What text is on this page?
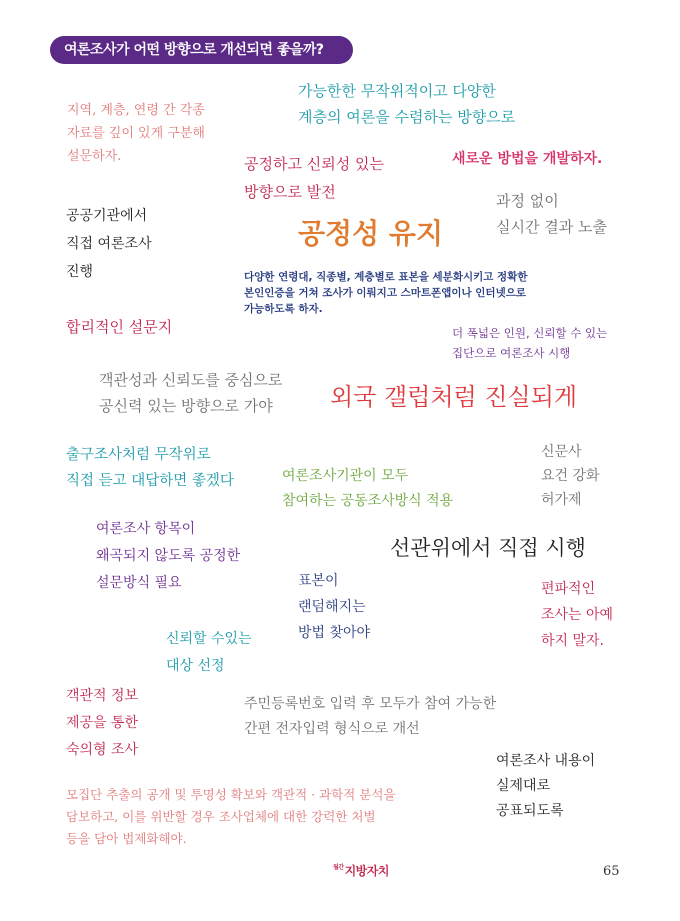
여론조사가 어떤 방향으로 개선되면 좋을까?
가능한한 무작위적이고 다양한
계층의 여론을 수렴하는 방향으로
지역, 계층, 연령 간 각종
자료를 깊이 있게 구분해
설문하자.	공정하고 신뢰성 있는
방향으로 발전
새로운 방법을 개발하자.
과정 없이
실시간 결과 노출
공공기관에서
직접 여론조사
진행
공정성 유지
다양한 연령대, 직종별, 계층별로 표본을 세분화시키고 정확한
본인인증을 거쳐 조사가 이뤄지고 스마트폰앱이나 인터넷으로
가능하도록 하자.
합리적인 설문지	더 폭넓은 인원, 신뢰할 수 있는
집단으로 여론조사 시행
객관성과 신뢰도를 중심으로
공신력 있는 방향으로 가야	외국 갤럽처럼 진실되게
출구조사처럼 무작위로
직접 듣고 대답하면 좋겠다	여론조사기관이 모두
참여하는 공동조사방식 적용
신문사
요건 강화
허가제
여론조사 항목이
왜곡되지 않도록 공정한
설문방식 필요
선관위에서 직접 시행
표본이
랜덤해지는
방법 찾아야
편파적인
조사는 아예
하지 말자.
신뢰할 수있는
대상 선정
객관적 정보
제공을 통한
숙의형 조사
주민등록번호 입력 후 모두가 참여 가능한
간편 전자입력 형식으로 개선
여론조사 내용이
실제대로
공표되도록
모집단 추출의 공개 및 투명성 확보와 객관적 · 과학적 분석을
담보하고, 이를 위반할 경우 조사업체에 대한 강력한 처벌
등을 담아 법제화해야.
$^{월간}$지방자치	65
